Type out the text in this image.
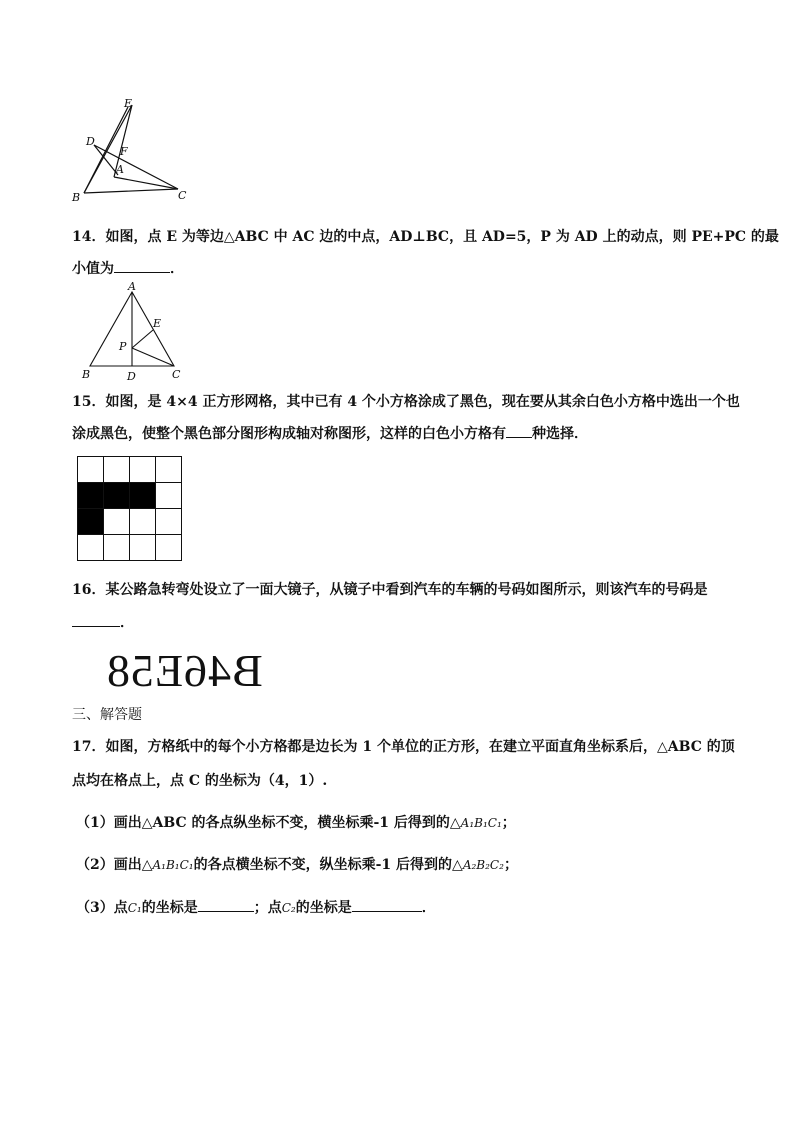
E
D
F
A
B	C
14．如图，点 E 为等边△ABC 中 AC 边的中点，AD⊥BC，且 AD=5，P 为 AD 上的动点，则 PE+PC 的最
小值为	．
A
E
P
B	D	C
15．如图，是 4×4 正方形网格，其中已有 4 个小方格涂成了黑色，现在要从其余白色小方格中选出一个也
涂成黑色，使整个黑色部分图形构成轴对称图形，这样的白色小方格有 种选择．

16．某公路急转弯处设立了一面大镜子，从镜子中看到汽车的车辆的号码如图所示，则该汽车的号码是
．
B46E58
三、解答题
17．如图，方格纸中的每个小方格都是边长为 1 个单位的正方形，在建立平面直角坐标系后，△ABC 的顶
点均在格点上，点 C 的坐标为（4，1）.
（1）画出△ABC 的各点纵坐标不变，横坐标乘-1 后得到的△A₁B₁C₁；
（2）画出△A₁B₁C₁的各点横坐标不变，纵坐标乘-1 后得到的△A₂B₂C₂；
（3）点C₁的坐标是	；点C₂的坐标是	．
